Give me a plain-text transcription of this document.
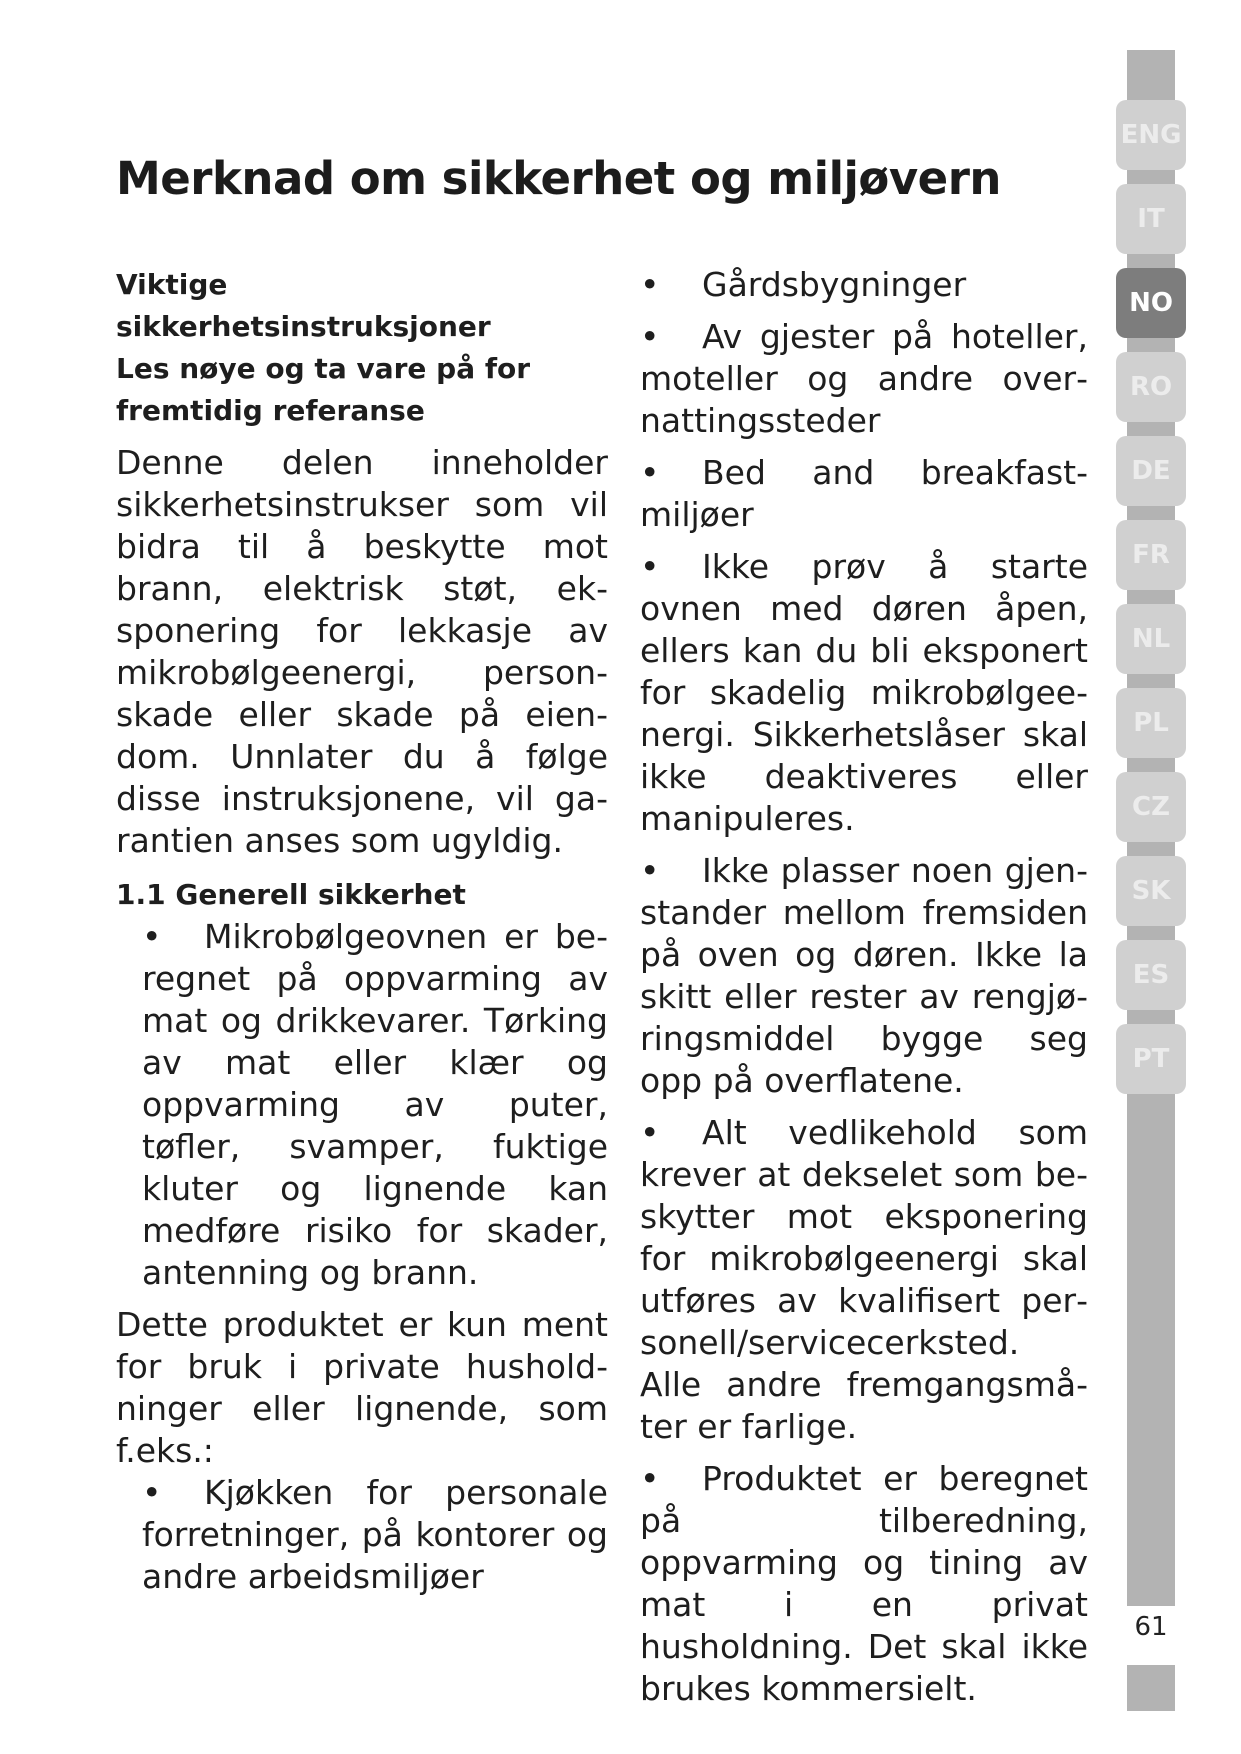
Merknad om sikkerhet og miljøvern
Viktige
sikkerhetsinstruksjoner
Les nøye og ta vare på for
fremtidig referanse

Denne delen inneholder sikkerhetsinstrukser som vil bidra til å beskytte mot brann, elektrisk støt, eksponering for lekkasje av mikrobølgeenergi, personskade eller skade på eiendom. Unnlater du å følge disse instruksjonene, vil garantien anses som ugyldig.

1.1 Generell sikkerhet
• Mikrobølgeovnen er beregnet på oppvarming av mat og drikkevarer. Tørking av mat eller klær og oppvarming av puter, tøfler, svamper, fuktige kluter og lignende kan medføre risiko for skader, antenning og brann.

Dette produktet er kun ment for bruk i private husholdninger eller lignende, som f.eks.:

• Kjøkken for personale forretninger, på kontorer og andre arbeidsmiljøer
• Gårdsbygninger
• Av gjester på hoteller, moteller og andre overnattingssteder
• Bed and breakfast-miljøer
• Ikke prøv å starte ovnen med døren åpen, ellers kan du bli eksponert for skadelig mikrobølgeenergi. Sikkerhetslåser skal ikke deaktiveres eller manipuleres.
• Ikke plasser noen gjenstander mellom fremsiden på oven og døren. Ikke la skitt eller rester av rengjøringsmiddel bygge seg opp på overflatene.
• Alt vedlikehold som krever at dekselet som beskytter mot eksponering for mikrobølgeenergi skal utføres av kvalifisert personell/servicecerksted. Alle andre fremgangsmåter er farlige.
• Produktet er beregnet på tilberedning, oppvarming og tining av mat i en privat husholdning. Det skal ikke brukes kommersielt.
ENG
IT
NO
RO
DE
FR
NL
PL
CZ
SK
ES
PT
61
